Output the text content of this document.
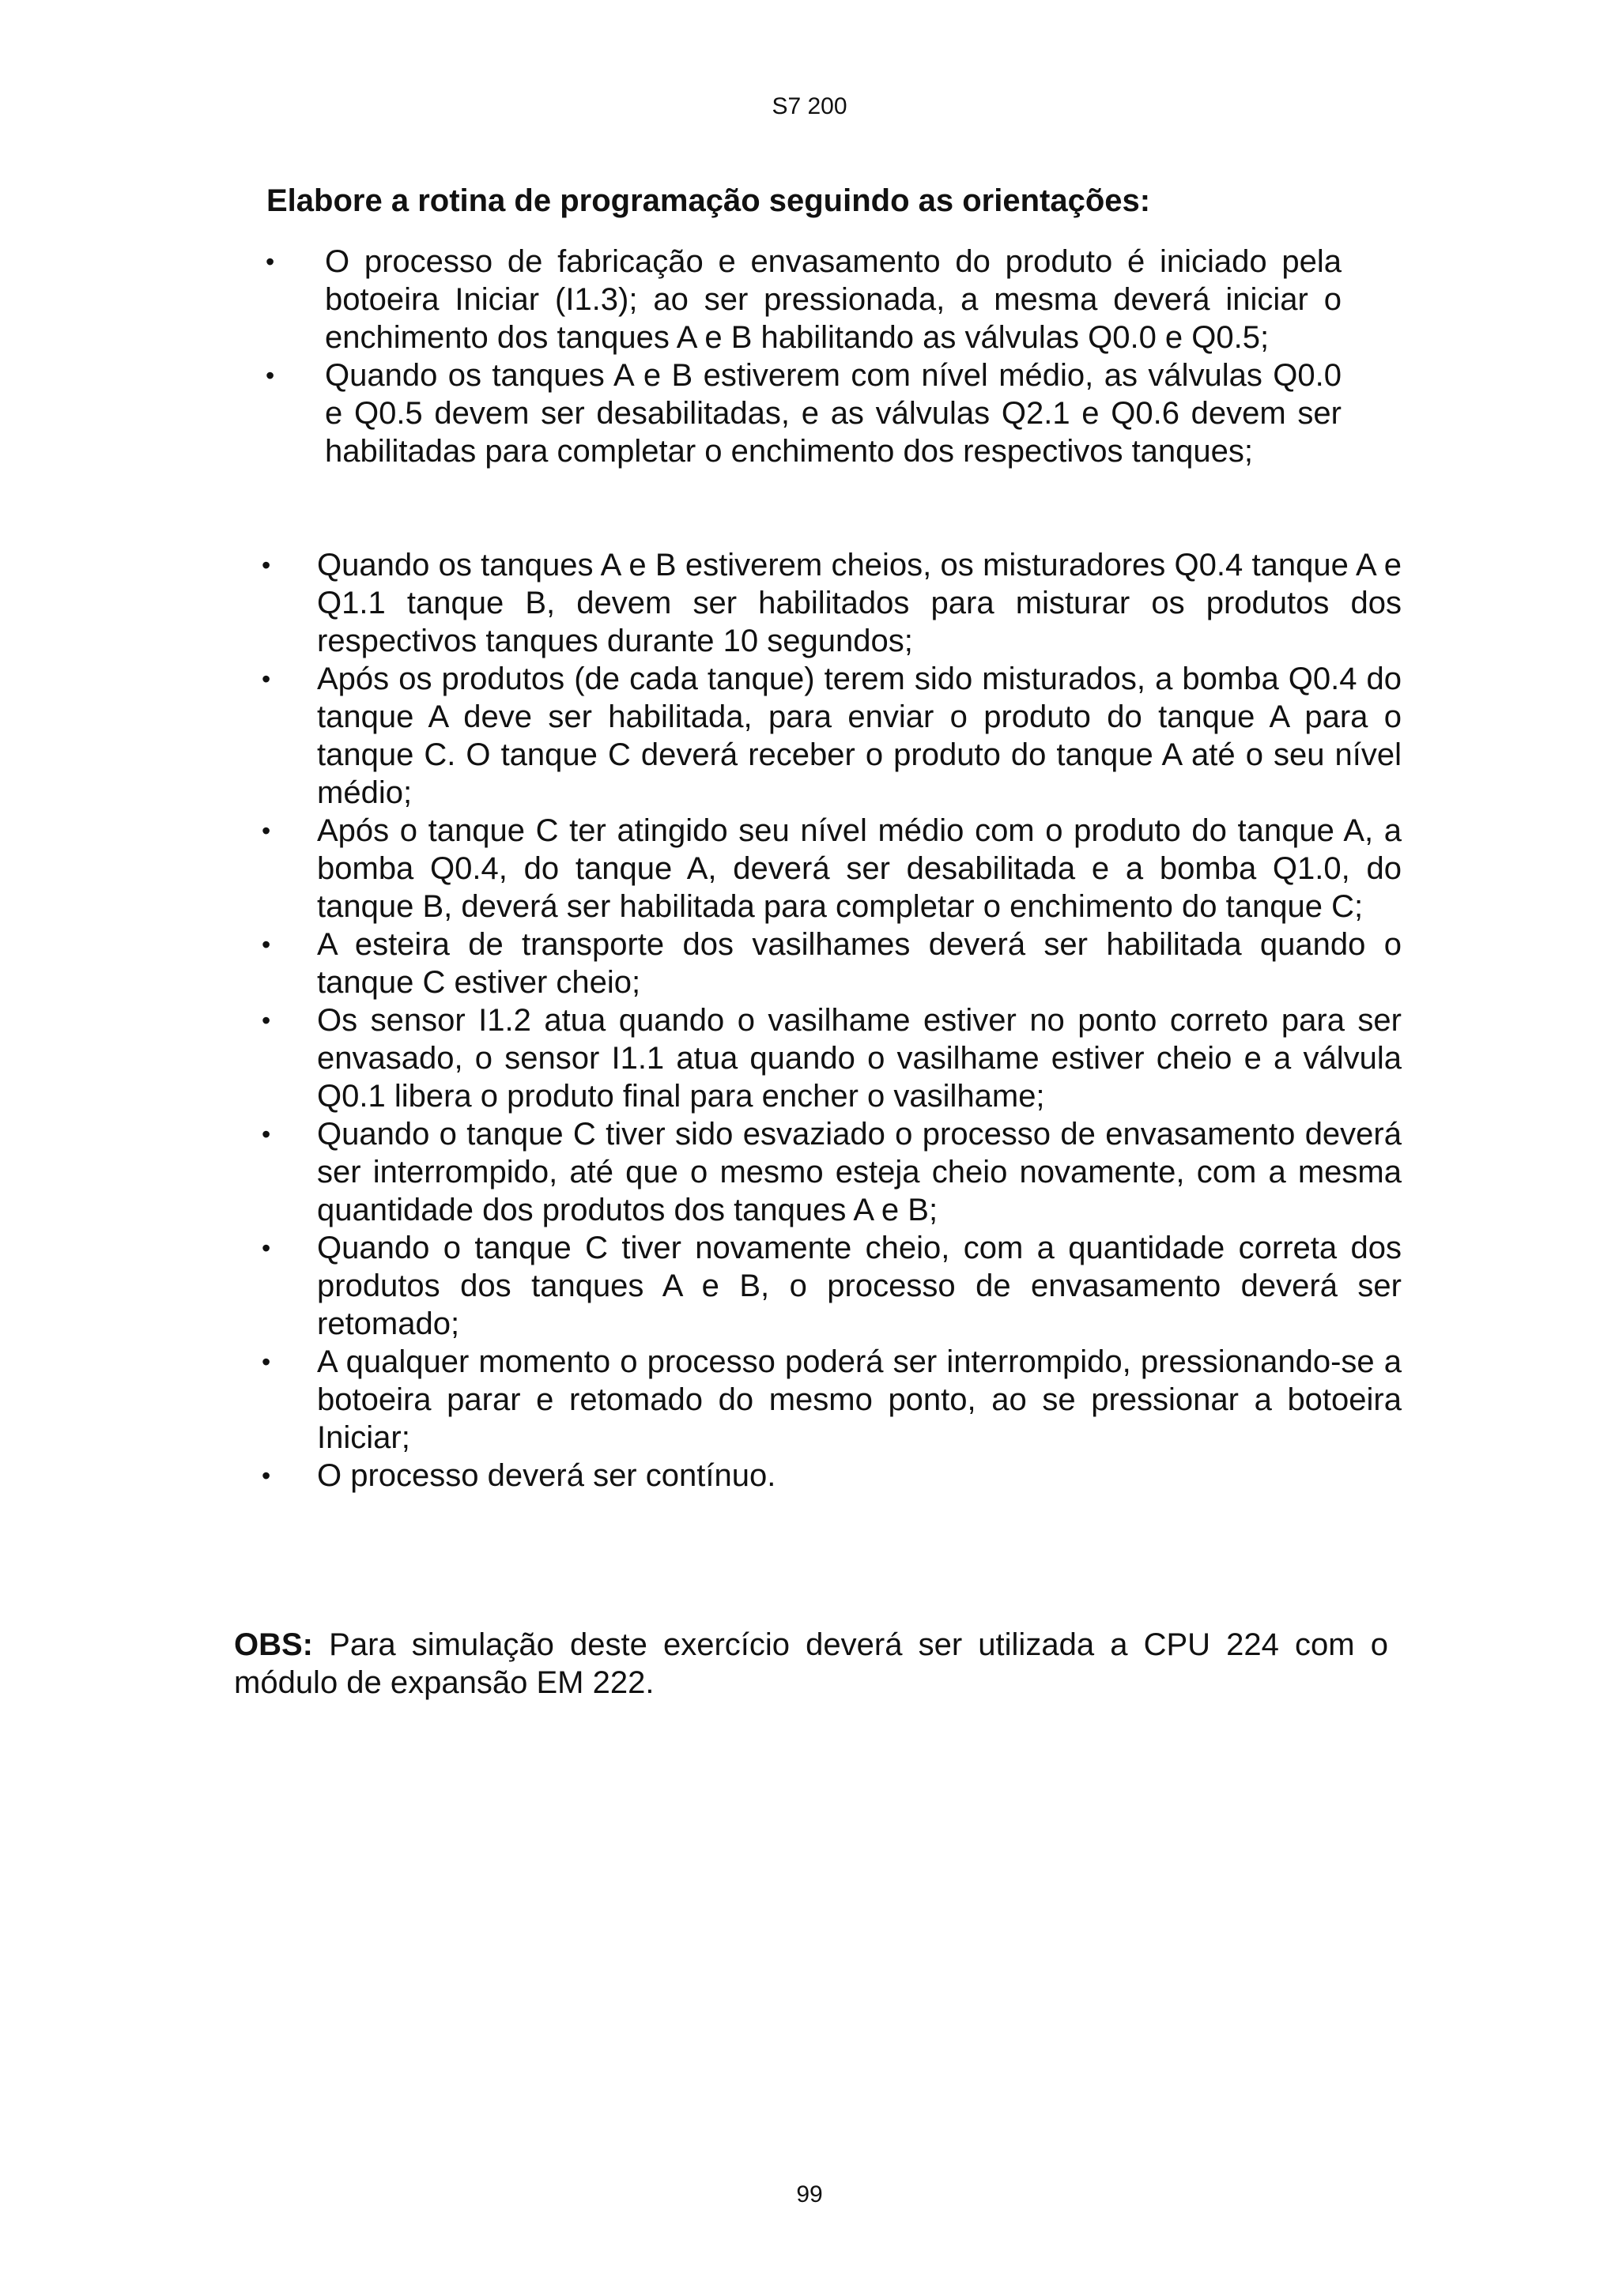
S7 200
Elabore a rotina de programação seguindo as orientações:
• O processo de fabricação e envasamento do produto é iniciado pela botoeira Iniciar (I1.3); ao ser pressionada, a mesma deverá iniciar o enchimento dos tanques A e B habilitando as válvulas Q0.0 e Q0.5;
• Quando os tanques A e B estiverem com nível médio, as válvulas Q0.0 e Q0.5 devem ser desabilitadas, e as válvulas Q2.1 e Q0.6 devem ser habilitadas para completar o enchimento dos respectivos tanques;
• Quando os tanques A e B estiverem cheios, os misturadores Q0.4 tanque A e Q1.1 tanque B, devem ser habilitados para misturar os produtos dos respectivos tanques durante 10 segundos;
• Após os produtos (de cada tanque) terem sido misturados, a bomba Q0.4 do tanque A deve ser habilitada, para enviar o produto do tanque A para o tanque C. O tanque C deverá receber o produto do tanque A até o seu nível médio;
• Após o tanque C ter atingido seu nível médio com o produto do tanque A, a bomba Q0.4, do tanque A, deverá ser desabilitada e a bomba Q1.0, do tanque B, deverá ser habilitada para completar o enchimento do tanque C;
• A esteira de transporte dos vasilhames deverá ser habilitada quando o tanque C estiver cheio;
• Os sensor I1.2 atua quando o vasilhame estiver no ponto correto para ser envasado, o sensor I1.1 atua quando o vasilhame estiver cheio e a válvula Q0.1 libera o produto final para encher o vasilhame;
• Quando o tanque C tiver sido esvaziado o processo de envasamento deverá ser interrompido, até que o mesmo esteja cheio novamente, com a mesma quantidade dos produtos dos tanques A e B;
• Quando o tanque C tiver novamente cheio, com a quantidade correta dos produtos dos tanques A e B, o processo de envasamento deverá ser retomado;
• A qualquer momento o processo poderá ser interrompido, pressionando-se a botoeira parar e retomado do mesmo ponto, ao se pressionar a botoeira Iniciar;
• O processo deverá ser contínuo.

OBS: Para simulação deste exercício deverá ser utilizada a CPU 224 com o módulo de expansão EM 222.

99
